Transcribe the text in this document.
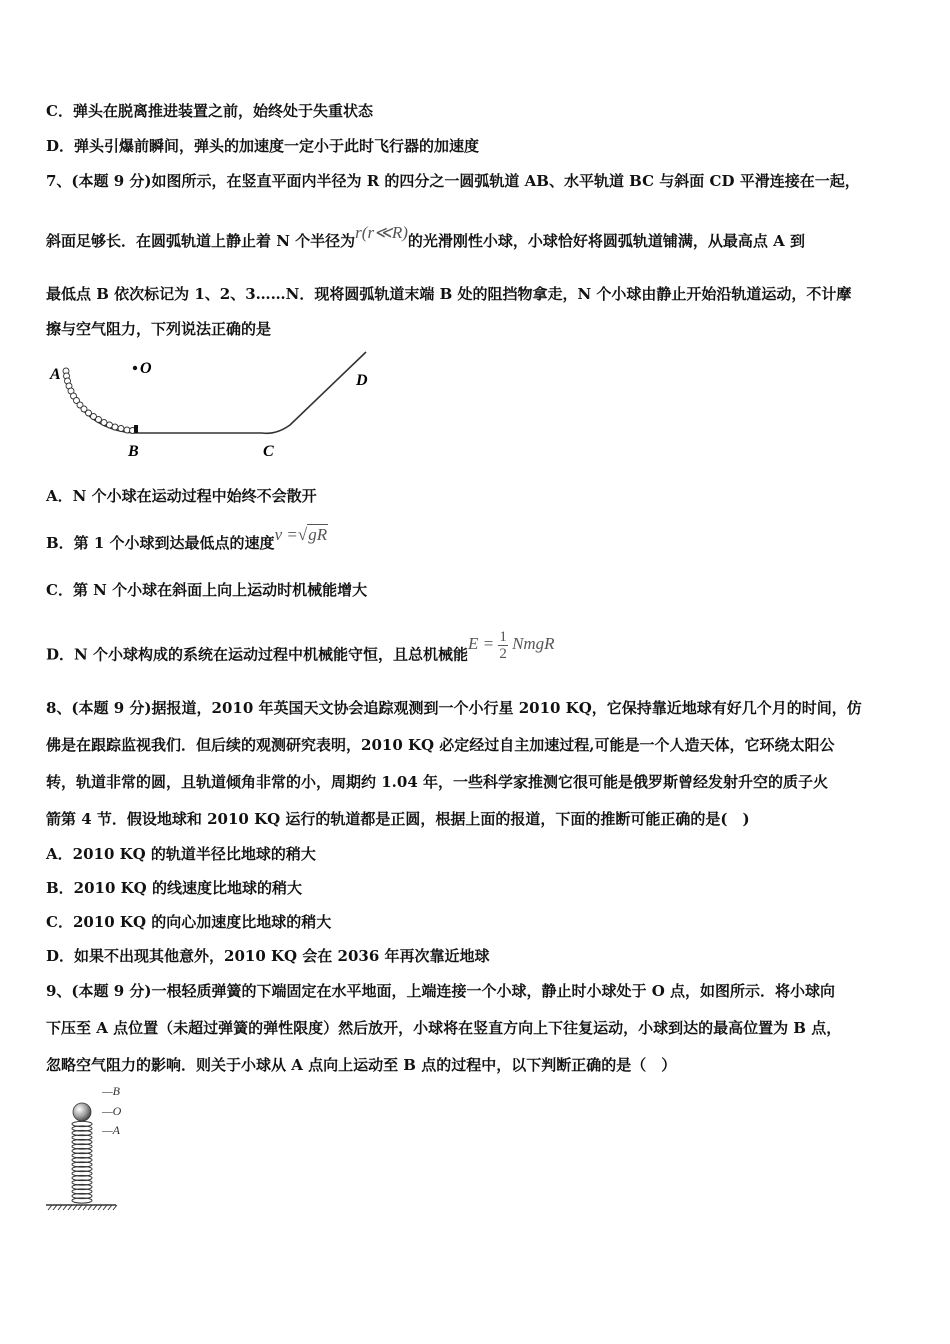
C．弹头在脱离推进装置之前，始终处于失重状态
D．弹头引爆前瞬间，弹头的加速度一定小于此时飞行器的加速度
7、(本题 9 分)如图所示，在竖直平面内半径为 R 的四分之一圆弧轨道 AB、水平轨道 BC 与斜面 CD 平滑连接在一起，
斜面足够长．在圆弧轨道上静止着 N 个半径为r(r≪R)的光滑刚性小球，小球恰好将圆弧轨道铺满，从最高点 A 到
最低点 B 依次标记为 1、2、3……N．现将圆弧轨道末端 B 处的阻挡物拿走，N 个小球由静止开始沿轨道运动，不计摩
擦与空气阻力，下列说法正确的是
A	O
B	C
D
A．N 个小球在运动过程中始终不会散开
B．第 1 个小球到达最低点的速度v =√gR
C．第 N 个小球在斜面上向上运动时机械能增大
D．N 个小球构成的系统在运动过程中机械能守恒，且总机械能$E = \frac{1}{2}$ NmgR
8、(本题 9 分)据报道，2010 年英国天文协会追踪观测到一个小行星 2010 KQ，它保持靠近地球有好几个月的时间，仿
佛是在跟踪监视我们．但后续的观测研究表明，2010 KQ 必定经过自主加速过程,可能是一个人造天体，它环绕太阳公
转，轨道非常的圆，且轨道倾角非常的小，周期约 1.04 年，一些科学家推测它很可能是俄罗斯曾经发射升空的质子火
箭第 4 节．假设地球和 2010 KQ 运行的轨道都是正圆，根据上面的报道，下面的推断可能正确的是(　)
A．2010 KQ 的轨道半径比地球的稍大
B．2010 KQ 的线速度比地球的稍大
C．2010 KQ 的向心加速度比地球的稍大
D．如果不出现其他意外，2010 KQ 会在 2036 年再次靠近地球
9、(本题 9 分)一根轻质弹簧的下端固定在水平地面，上端连接一个小球，静止时小球处于 O 点，如图所示．将小球向
下压至 A 点位置（未超过弹簧的弹性限度）然后放开，小球将在竖直方向上下往复运动，小球到达的最高位置为 B 点，
忽略空气阻力的影响．则关于小球从 A 点向上运动至 B 点的过程中，以下判断正确的是（　）
—B
—O
—A
